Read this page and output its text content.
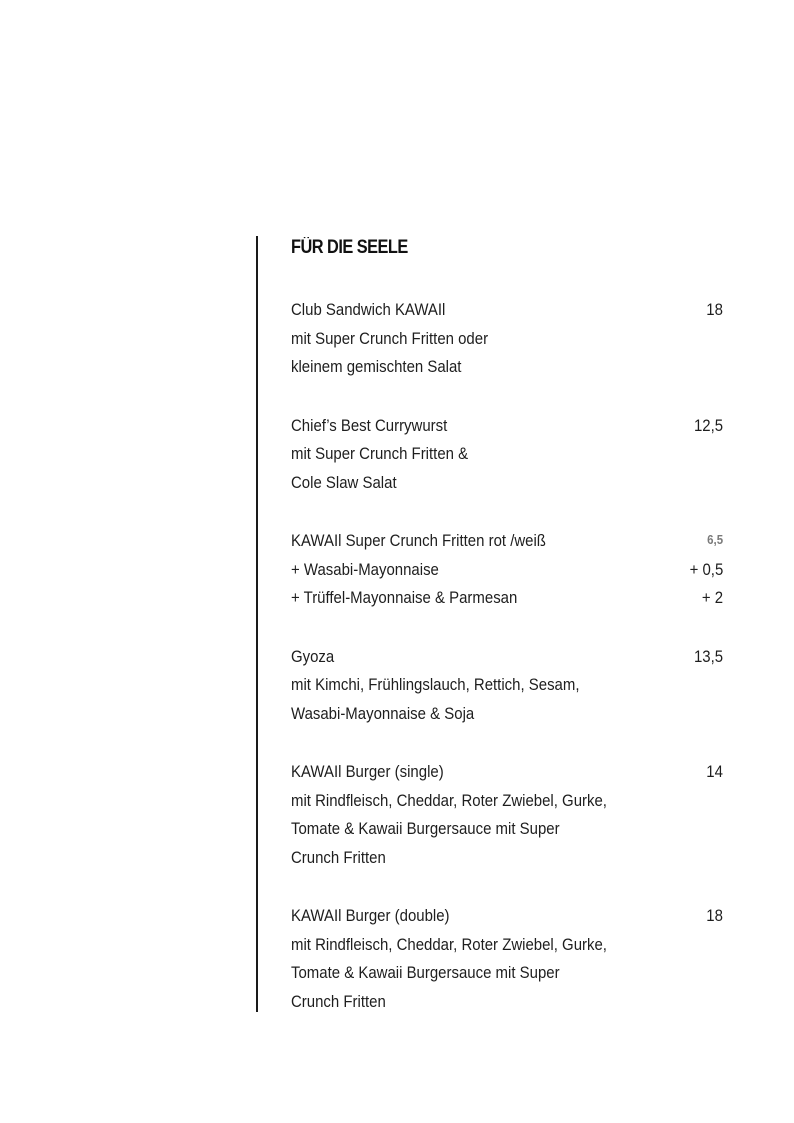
FÜR DIE SEELE
Club Sandwich KAWAIl	18
mit Super Crunch Fritten oder
kleinem gemischten Salat
Chief’s Best Currywurst	12,5
mit Super Crunch Fritten &
Cole Slaw Salat
KAWAIl Super Crunch Fritten rot /weiß	6,5
+ Wasabi-Mayonnaise	+ 0,5
+ Trüffel-Mayonnaise & Parmesan	+ 2
Gyoza	13,5
mit Kimchi, Frühlingslauch, Rettich, Sesam,
Wasabi-Mayonnaise & Soja
KAWAIl Burger (single)	14
mit Rindfleisch, Cheddar, Roter Zwiebel, Gurke,
Tomate & Kawaii Burgersauce mit Super
Crunch Fritten
KAWAIl Burger (double)	18
mit Rindfleisch, Cheddar, Roter Zwiebel, Gurke,
Tomate & Kawaii Burgersauce mit Super
Crunch Fritten
